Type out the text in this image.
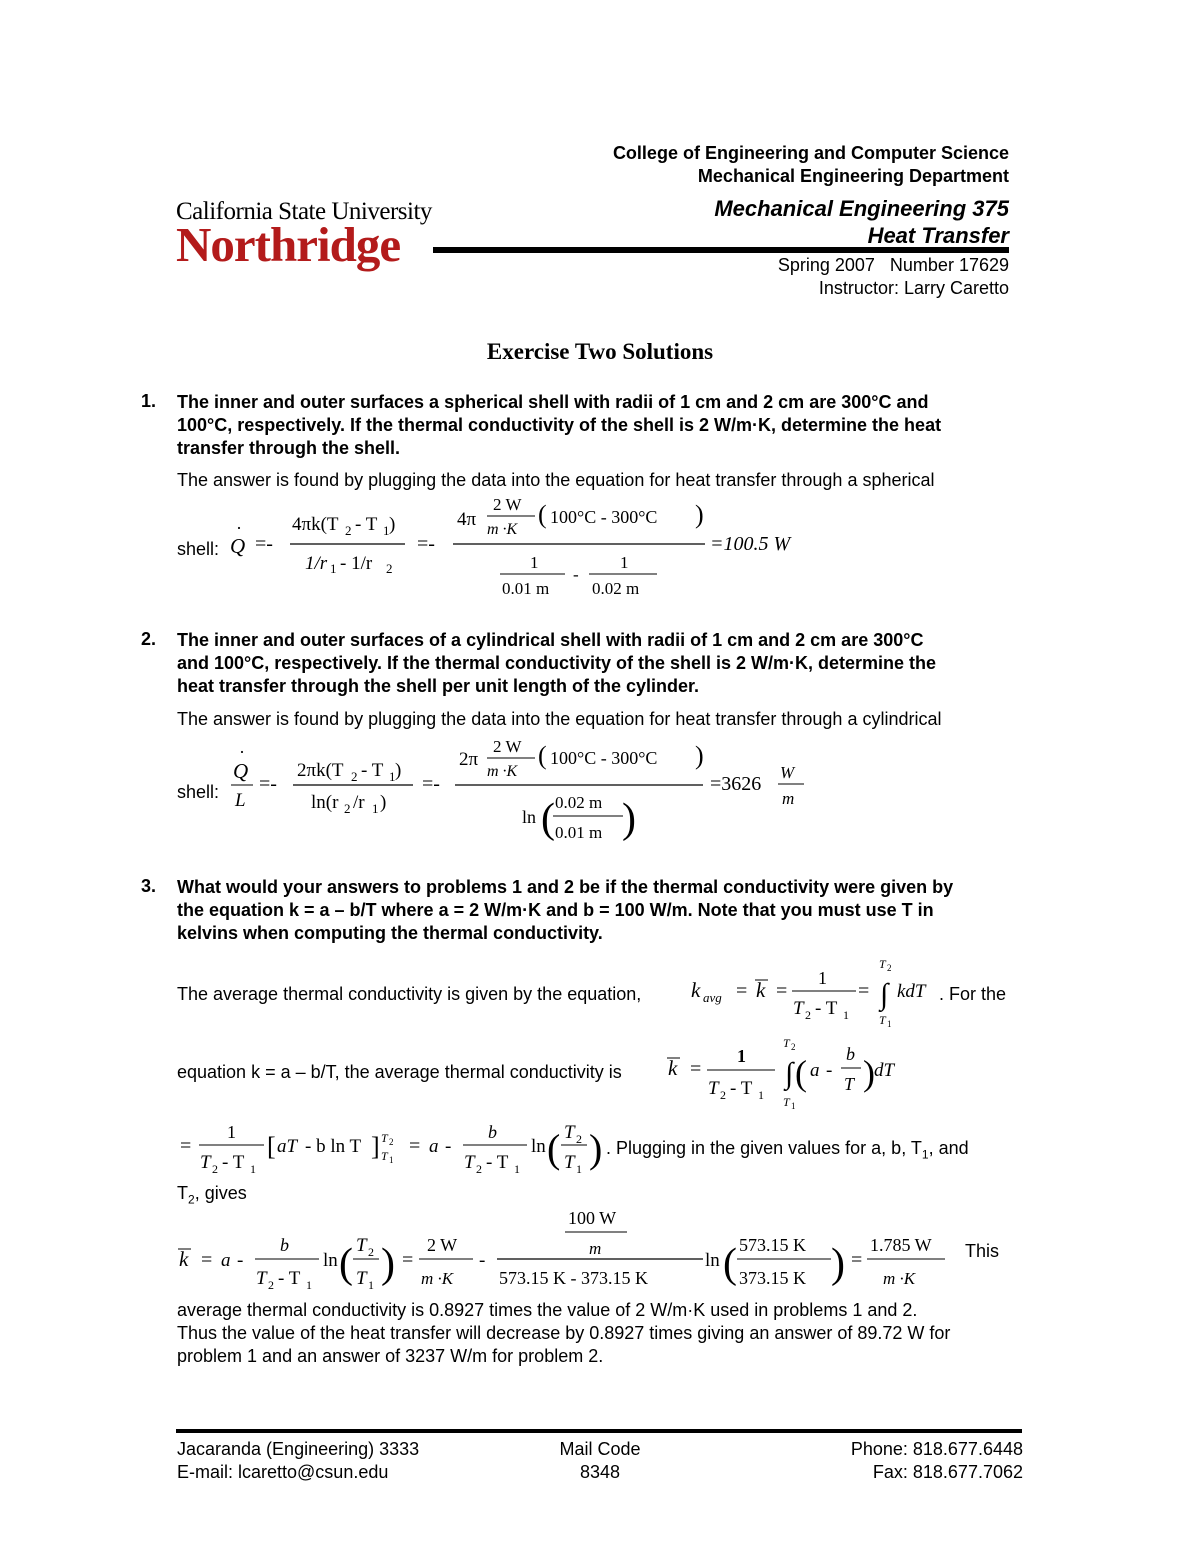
California State University
Northridge
College of Engineering and Computer Science
Mechanical Engineering Department
Mechanical Engineering 375
Heat Transfer
Spring 2007   Number 17629
Instructor: Larry Caretto
Exercise Two Solutions
1. The inner and outer surfaces a spherical shell with radii of 1 cm and 2 cm are 300°C and
100°C, respectively. If the thermal conductivity of the shell is 2 W/m·K, determine the heat
transfer through the shell.
The answer is found by plugging the data into the equation for heat transfer through a spherical
shell: Q
·
=-
4πk(T 2 - T 1 )
1/r 1 - 1/r 2
=-
4π
2 W
m ·K
( 100°C - 300°C )
1
0.01 m
-
1
0.02 m
=100.5 W
2. The inner and outer surfaces of a cylindrical shell with radii of 1 cm and 2 cm are 300°C
and 100°C, respectively. If the thermal conductivity of the shell is 2 W/m·K, determine the
heat transfer through the shell per unit length of the cylinder.
The answer is found by plugging the data into the equation for heat transfer through a cylindrical
shell:
Q
·
L
=-
2πk(T 2 - T 1 )
ln(r 2 /r 1 )
=-
2π
2 W
m ·K
( 100°C - 300°C )
ln ( 0.02 m
0.01 m )
=3626
W
m
3. What would your answers to problems 1 and 2 be if the thermal conductivity were given by
the equation k = a – b/T where a = 2 W/m·K and b = 100 W/m. Note that you must use T in
kelvins when computing the thermal conductivity.
The average thermal conductivity is given by the equation, k avg = k =
1
T 2 - T 1
=
T 2
∫ kdT
T 1
. For the
equation k = a – b/T, the average thermal conductivity is k =
1
T 2 - T 1
T 2
∫
T 1
( a -
b
T ) dT
=
1
T 2 - T 1
[ aT - b ln T ] T 2
T 1
= a -
b
T 2 - T 1
ln ( T 2
T 1 ) . Plugging in the given values for a, b, $T_1$, and
$T_2$, gives
k = a -
b
T 2 - T 1
ln ( T 2
T 1 ) =
2 W
m ·K
-
100 W
m
573.15 K - 373.15 K
ln ( 573.15 K
373.15 K ) =
1.785 W
m ·K
This
average thermal conductivity is 0.8927 times the value of 2 W/m·K used in problems 1 and 2.
Thus the value of the heat transfer will decrease by 0.8927 times giving an answer of 89.72 W for
problem 1 and an answer of 3237 W/m for problem 2.
Jacaranda (Engineering) 3333
E-mail: lcaretto@csun.edu
Mail Code
8348
Phone: 818.677.6448
Fax: 818.677.7062
